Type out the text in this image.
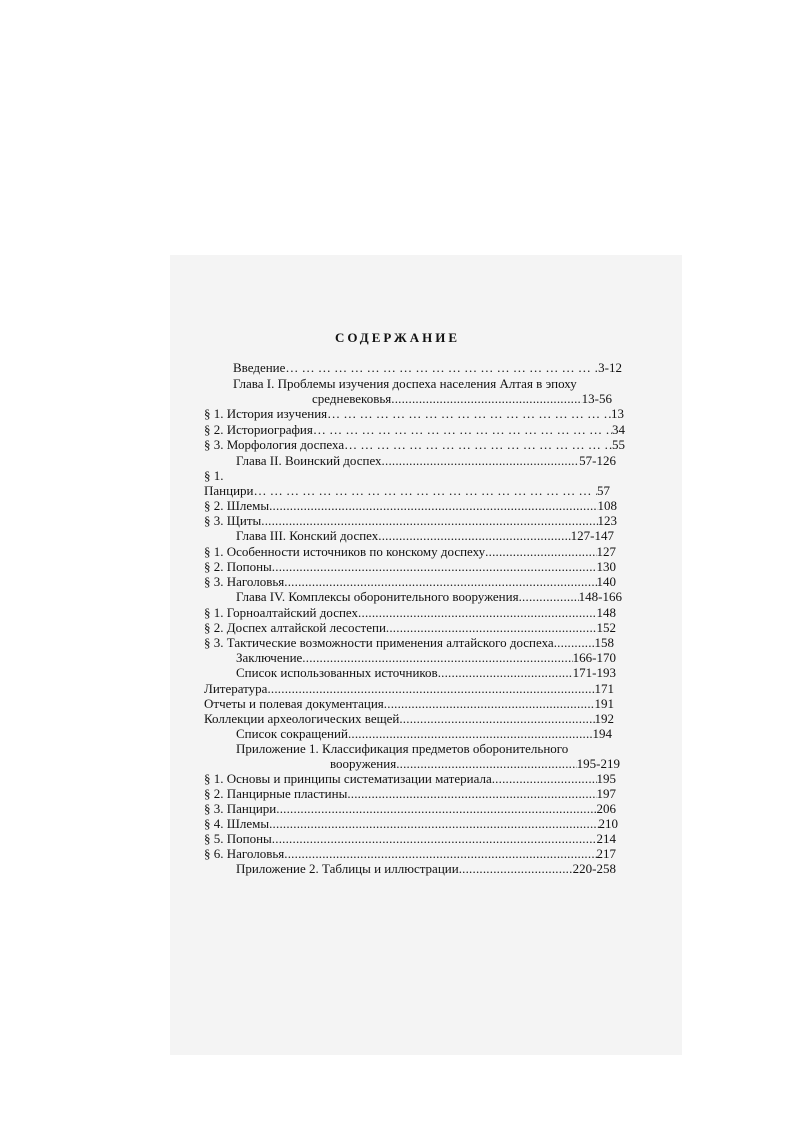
СОДЕРЖАНИЕ
Введение … … … … … … … … … … … … … … … … … … … … … … … … … … … … … … … … … … … … … … … … … … … … … … … … … … … … … … … …	3-12
Глава I. Проблемы изучения доспеха населения Алтая в эпоху
средневековья .....	13-56
§ 1. История изучения … … … … … … … … … … … … … … … … … … … … … … … … … … … … … … … … … … … … … … … … … … … … … … … … … … … … … … … …	13
§ 2. Историография … … … … … … … … … … … … … … … … … … … … … … … … … … … … … … … … … … … … … … … … … … … … … … … … … … … … … … … …	34
§ 3. Морфология доспеха … … … … … … … … … … … … … … … … … … … … … … … … … … … … … … … … … … … … … … … … … … … … … … … … … … … … … … … …	55
Глава II. Воинский доспех .....	57-126
§ 1.
Панцири … … … … … … … … … … … … … … … … … … … … … … … … … … … … … … … … … … … … … … … … … … … … … … … … … … … … … … … …	57
§ 2. Шлемы .....	108
§ 3. Щиты .....	123
Глава III. Конский доспех .....	127-147
§ 1. Особенности источников по конскому доспеху .....	127
§ 2. Попоны .....	130
§ 3. Наголовья .....	140
Глава IV. Комплексы оборонительного вооружения .....	148-166
§ 1. Горноалтайский доспех .....	148
§ 2. Доспех алтайской лесостепи .....	152
§ 3. Тактические возможности применения алтайского доспеха .....	158
Заключение .....	166-170
Список использованных источников .....	171-193
Литература .....	171
Отчеты и полевая документация .....	191
Коллекции археологических вещей .....	192
Список сокращений .....	194
Приложение 1. Классификация предметов оборонительного
вооружения .....	195-219
§ 1. Основы и принципы систематизации материала .....	195
§ 2. Панцирные пластины .....	197
§ 3. Панцири .....	206
§ 4. Шлемы .....	210
§ 5. Попоны .....	214
§ 6. Наголовья .....	217
Приложение 2. Таблицы и иллюстрации .....	220-258
